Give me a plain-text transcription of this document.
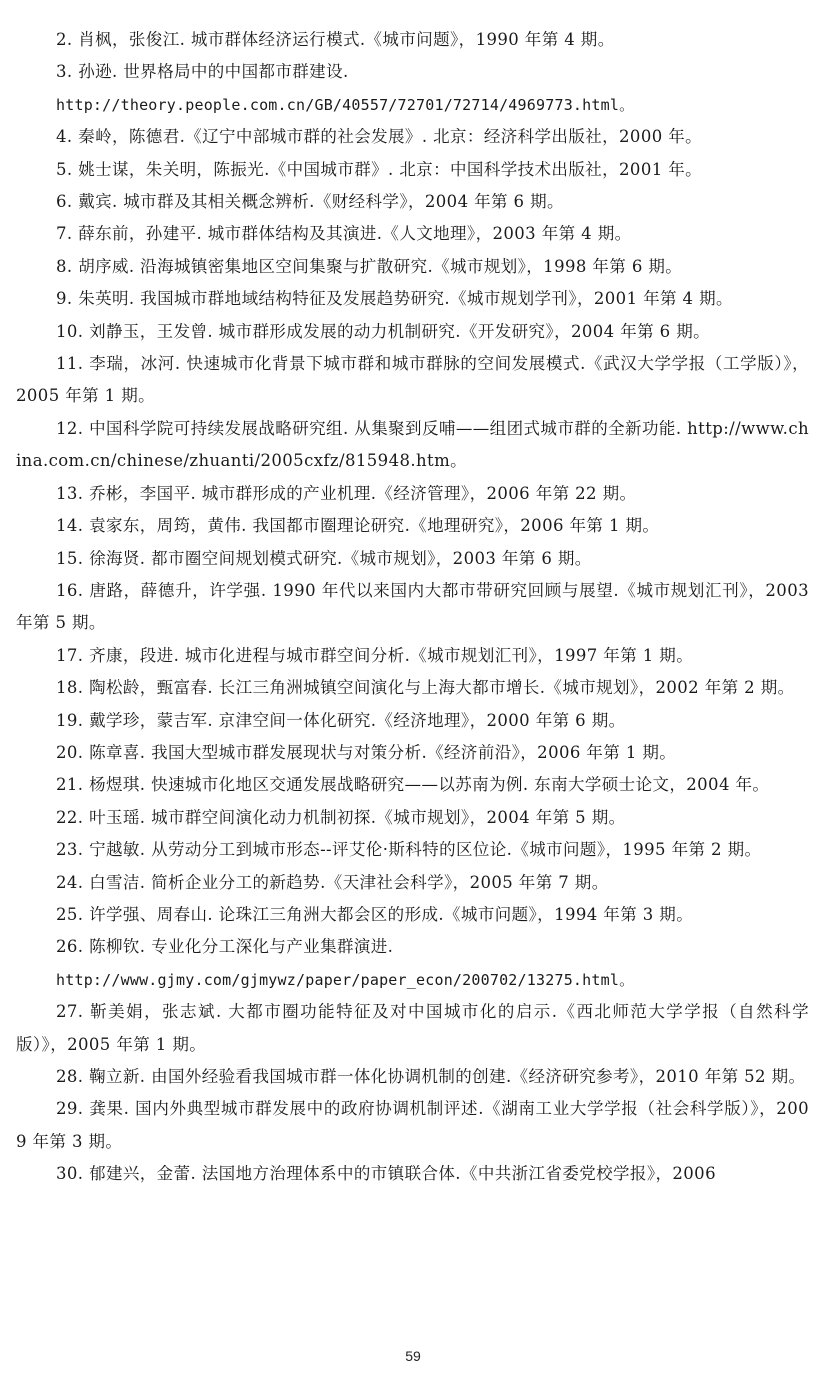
2. 肖枫，张俊江. 城市群体经济运行模式.《城市问题》，1990 年第 4 期。
3. 孙逊. 世界格局中的中国都市群建设.
http://theory.people.com.cn/GB/40557/72701/72714/4969773.html。
4. 秦岭，陈德君.《辽宁中部城市群的社会发展》. 北京：经济科学出版社，2000 年。
5. 姚士谋，朱关明，陈振光.《中国城市群》. 北京：中国科学技术出版社，2001 年。
6. 戴宾. 城市群及其相关概念辨析.《财经科学》，2004 年第 6 期。
7. 薛东前，孙建平. 城市群体结构及其演进.《人文地理》，2003 年第 4 期。
8. 胡序威. 沿海城镇密集地区空间集聚与扩散研究.《城市规划》，1998 年第 6 期。
9. 朱英明. 我国城市群地域结构特征及发展趋势研究.《城市规划学刊》，2001 年第 4 期。
10. 刘静玉，王发曾. 城市群形成发展的动力机制研究.《开发研究》，2004 年第 6 期。
11. 李瑞，冰河. 快速城市化背景下城市群和城市群脉的空间发展模式.《武汉大学学报（工学版）》，2005 年第 1 期。
12. 中国科学院可持续发展战略研究组. 从集聚到反哺——组团式城市群的全新功能. http://www.china.com.cn/chinese/zhuanti/2005cxfz/815948.htm。
13. 乔彬，李国平. 城市群形成的产业机理.《经济管理》，2006 年第 22 期。
14. 袁家东，周筠，黄伟. 我国都市圈理论研究.《地理研究》，2006 年第 1 期。
15. 徐海贤. 都市圈空间规划模式研究.《城市规划》，2003 年第 6 期。
16. 唐路，薛德升，许学强. 1990 年代以来国内大都市带研究回顾与展望.《城市规划汇刊》，2003 年第 5 期。
17. 齐康，段进. 城市化进程与城市群空间分析.《城市规划汇刊》，1997 年第 1 期。
18. 陶松龄，甄富春. 长江三角洲城镇空间演化与上海大都市增长.《城市规划》，2002 年第 2 期。
19. 戴学珍，蒙吉军. 京津空间一体化研究.《经济地理》，2000 年第 6 期。
20. 陈章喜. 我国大型城市群发展现状与对策分析.《经济前沿》，2006 年第 1 期。
21. 杨煜琪. 快速城市化地区交通发展战略研究——以苏南为例. 东南大学硕士论文，2004 年。
22. 叶玉瑶. 城市群空间演化动力机制初探.《城市规划》，2004 年第 5 期。
23. 宁越敏. 从劳动分工到城市形态--评艾伦·斯科特的区位论.《城市问题》，1995 年第 2 期。
24. 白雪洁. 简析企业分工的新趋势.《天津社会科学》，2005 年第 7 期。
25. 许学强、周春山. 论珠江三角洲大都会区的形成.《城市问题》，1994 年第 3 期。
26. 陈柳钦. 专业化分工深化与产业集群演进.
http://www.gjmy.com/gjmywz/paper/paper_econ/200702/13275.html。
27. 靳美娟，张志斌. 大都市圈功能特征及对中国城市化的启示.《西北师范大学学报（自然科学版）》，2005 年第 1 期。
28. 鞠立新. 由国外经验看我国城市群一体化协调机制的创建.《经济研究参考》，2010 年第 52 期。
29. 龚果. 国内外典型城市群发展中的政府协调机制评述.《湖南工业大学学报（社会科学版）》，2009 年第 3 期。
30. 郁建兴，金蕾. 法国地方治理体系中的市镇联合体.《中共浙江省委党校学报》，2006
59
